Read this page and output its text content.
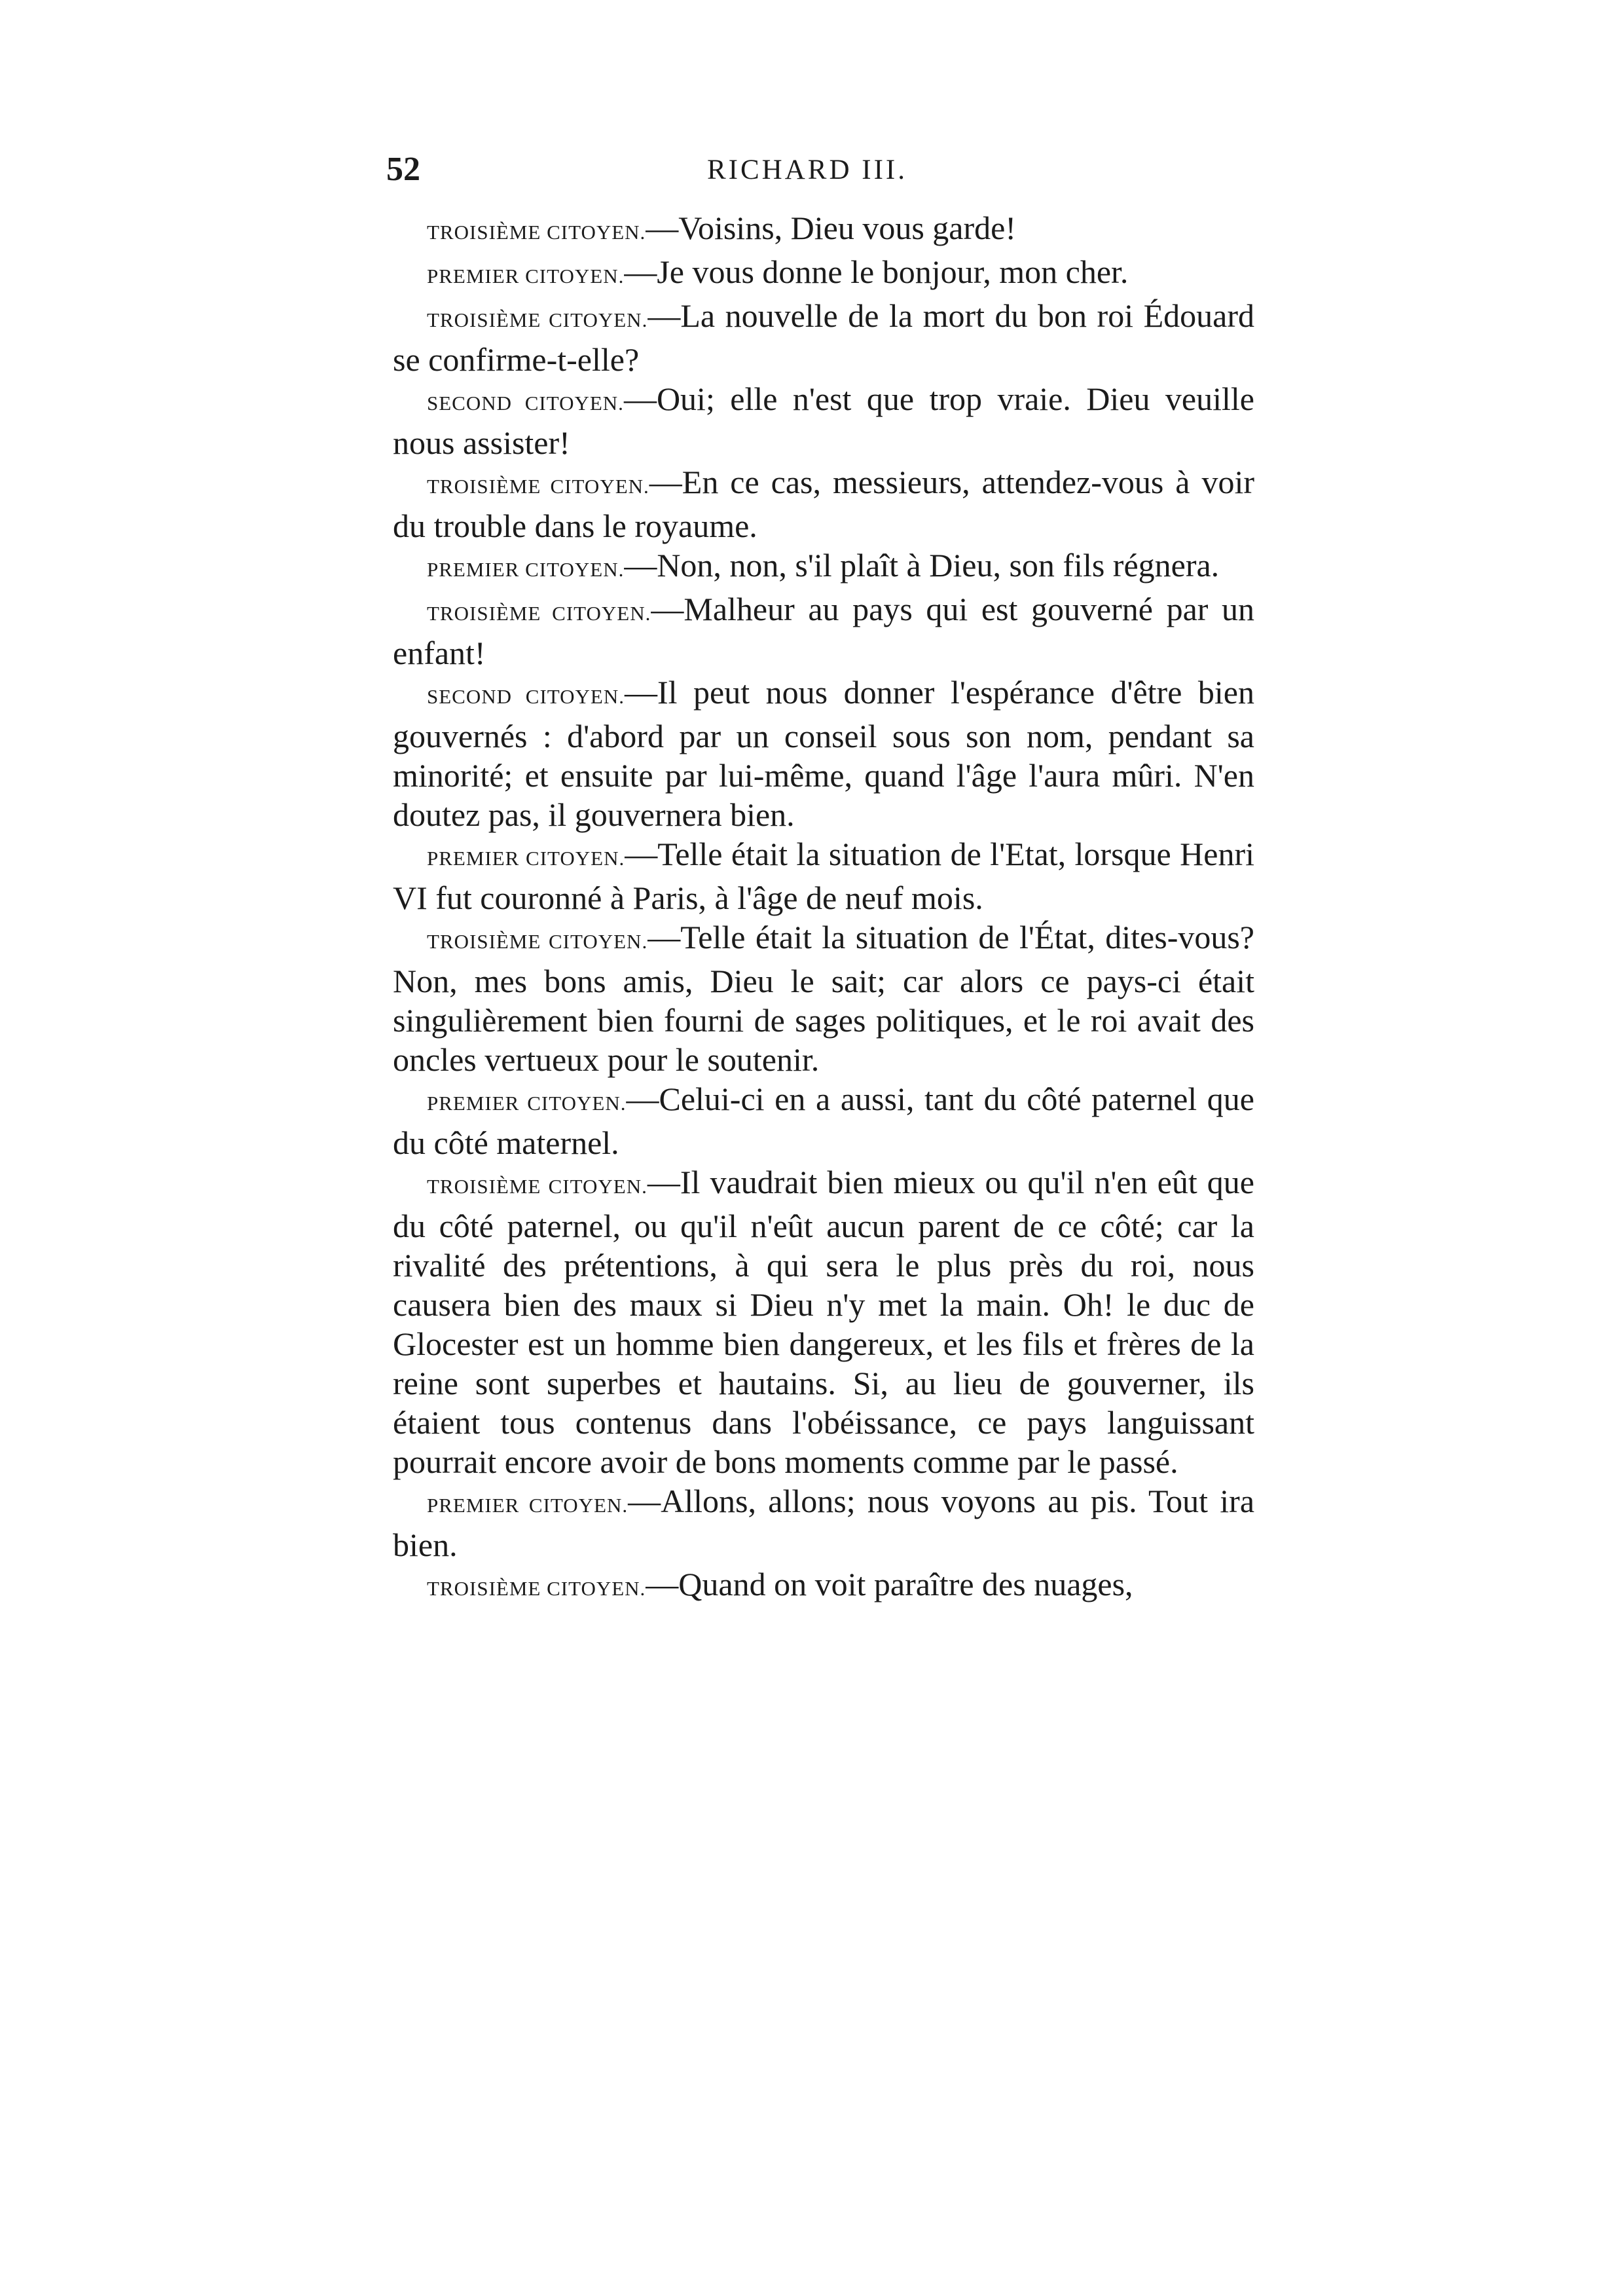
52	RICHARD III.

TROISIÈME CITOYEN.—Voisins, Dieu vous garde!

PREMIER CITOYEN.—Je vous donne le bonjour, mon cher.

TROISIÈME CITOYEN.—La nouvelle de la mort du bon roi Édouard se confirme-t-elle?

SECOND CITOYEN.—Oui; elle n'est que trop vraie. Dieu veuille nous assister!

TROISIÈME CITOYEN.—En ce cas, messieurs, attendez-vous à voir du trouble dans le royaume.

PREMIER CITOYEN.—Non, non, s'il plaît à Dieu, son fils régnera.

TROISIÈME CITOYEN.—Malheur au pays qui est gouverné par un enfant!

SECOND CITOYEN.—Il peut nous donner l'espérance d'être bien gouvernés : d'abord par un conseil sous son nom, pendant sa minorité; et ensuite par lui-même, quand l'âge l'aura mûri. N'en doutez pas, il gouvernera bien.

PREMIER CITOYEN.—Telle était la situation de l'Etat, lorsque Henri VI fut couronné à Paris, à l'âge de neuf mois.

TROISIÈME CITOYEN.—Telle était la situation de l'État, dites-vous? Non, mes bons amis, Dieu le sait; car alors ce pays-ci était singulièrement bien fourni de sages politiques, et le roi avait des oncles vertueux pour le soutenir.

PREMIER CITOYEN.—Celui-ci en a aussi, tant du côté paternel que du côté maternel.

TROISIÈME CITOYEN.—Il vaudrait bien mieux ou qu'il n'en eût que du côté paternel, ou qu'il n'eût aucun parent de ce côté; car la rivalité des prétentions, à qui sera le plus près du roi, nous causera bien des maux si Dieu n'y met la main. Oh! le duc de Glocester est un homme bien dangereux, et les fils et frères de la reine sont superbes et hautains. Si, au lieu de gouverner, ils étaient tous contenus dans l'obéissance, ce pays languissant pourrait encore avoir de bons moments comme par le passé.

PREMIER CITOYEN.—Allons, allons; nous voyons au pis. Tout ira bien.

TROISIÈME CITOYEN.—Quand on voit paraître des nuages,
